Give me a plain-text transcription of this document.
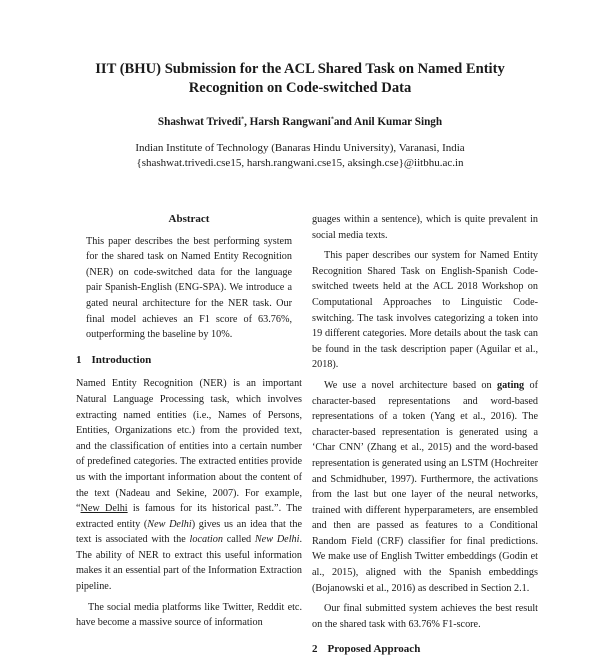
IIT (BHU) Submission for the ACL Shared Task on Named Entity
Recognition on Code-switched Data
Shashwat Trivedi*, Harsh Rangwani*and Anil Kumar Singh
Indian Institute of Technology (Banaras Hindu University), Varanasi, India
{shashwat.trivedi.cse15, harsh.rangwani.cse15, aksingh.cse}@iitbhu.ac.in
Abstract

This paper describes the best performing system for the shared task on Named Entity Recognition (NER) on code-switched data for the language pair Spanish-English (ENG-SPA). We introduce a gated neural architecture for the NER task. Our final model achieves an F1 score of 63.76%, outperforming the baseline by 10%.

1 Introduction

Named Entity Recognition (NER) is an important Natural Language Processing task, which involves extracting named entities (i.e., Names of Persons, Entities, Organizations etc.) from the provided text, and the classification of entities into a certain number of predefined categories. The extracted entities provide us with the important information about the content of the text (Nadeau and Sekine, 2007). For example, “New Delhi is famous for its historical past.”. The extracted entity (New Delhi) gives us an idea that the text is associated with the location called New Delhi. The ability of NER to extract this useful information makes it an essential part of the Information Extraction pipeline.

The social media platforms like Twitter, Reddit etc. have become a massive source of information

guages within a sentence), which is quite prevalent in social media texts.

This paper describes our system for Named Entity Recognition Shared Task on English-Spanish Code-switched tweets held at the ACL 2018 Workshop on Computational Approaches to Linguistic Code-switching. The task involves categorizing a token into 19 different categories. More details about the task can be found in the task description paper (Aguilar et al., 2018).

We use a novel architecture based on gating of character-based representations and word-based representations of a token (Yang et al., 2016). The character-based representation is generated using a ‘Char CNN’ (Zhang et al., 2015) and the word-based representation is generated using an LSTM (Hochreiter and Schmidhuber, 1997). Furthermore, the activations from the last but one layer of the neural networks, trained with different hyperparameters, are ensembled and then are passed as features to a Conditional Random Field (CRF) classifier for final predictions. We make use of English Twitter embeddings (Godin et al., 2015), aligned with the Spanish embeddings (Bojanowski et al., 2016) as described in Section 2.1.

Our final submitted system achieves the best result on the shared task with 63.76% F1-score.

2 Proposed Approach
